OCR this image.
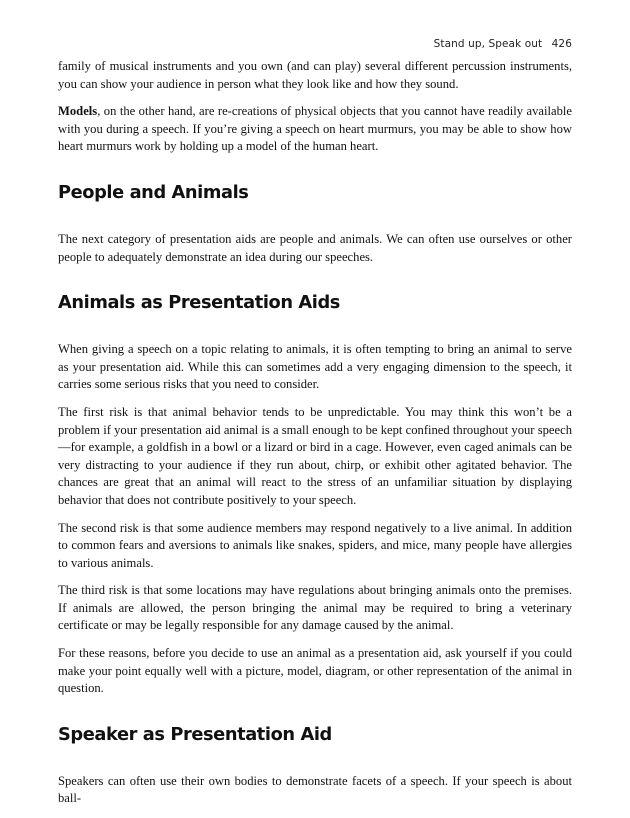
Stand up, Speak out 426

family of musical instruments and you own (and can play) several different percussion instruments, you can show your audience in person what they look like and how they sound.

Models, on the other hand, are re-creations of physical objects that you cannot have readily available with you during a speech. If you’re giving a speech on heart murmurs, you may be able to show how heart murmurs work by holding up a model of the human heart.

People and Animals

The next category of presentation aids are people and animals. We can often use ourselves or other people to adequately demonstrate an idea during our speeches.

Animals as Presentation Aids

When giving a speech on a topic relating to animals, it is often tempting to bring an animal to serve as your presentation aid. While this can sometimes add a very engaging dimension to the speech, it carries some serious risks that you need to consider.

The first risk is that animal behavior tends to be unpredictable. You may think this won’t be a problem if your presentation aid animal is a small enough to be kept confined throughout your speech—for example, a goldfish in a bowl or a lizard or bird in a cage. However, even caged animals can be very distracting to your audience if they run about, chirp, or exhibit other agitated behavior. The chances are great that an animal will react to the stress of an unfamiliar situation by displaying behavior that does not contribute positively to your speech.

The second risk is that some audience members may respond negatively to a live animal. In addition to common fears and aversions to animals like snakes, spiders, and mice, many people have allergies to various animals.

The third risk is that some locations may have regulations about bringing animals onto the premises. If animals are allowed, the person bringing the animal may be required to bring a veterinary certificate or may be legally responsible for any damage caused by the animal.

For these reasons, before you decide to use an animal as a presentation aid, ask yourself if you could make your point equally well with a picture, model, diagram, or other representation of the animal in question.

Speaker as Presentation Aid

Speakers can often use their own bodies to demonstrate facets of a speech. If your speech is about ball-
